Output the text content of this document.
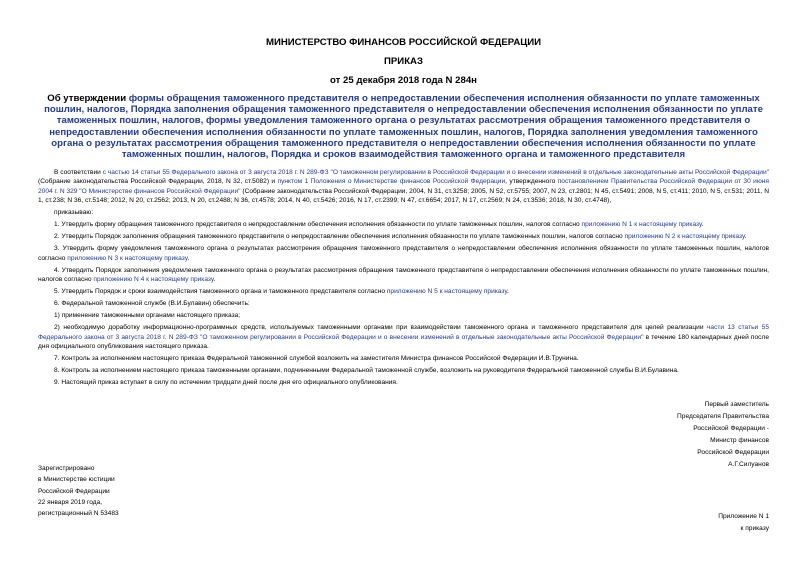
МИНИСТЕРСТВО ФИНАНСОВ РОССИЙСКОЙ ФЕДЕРАЦИИ
ПРИКАЗ
от 25 декабря 2018 года N 284н
Об утверждении формы обращения таможенного представителя о непредоставлении обеспечения исполнения обязанности по уплате таможенных пошлин, налогов, Порядка заполнения обращения таможенного представителя о непредоставлении обеспечения исполнения обязанности по уплате таможенных пошлин, налогов, формы уведомления таможенного органа о результатах рассмотрения обращения таможенного представителя о непредоставлении обеспечения исполнения обязанности по уплате таможенных пошлин, налогов, Порядка заполнения уведомления таможенного органа о результатах рассмотрения обращения таможенного представителя о непредоставлении обеспечения исполнения обязанности по уплате таможенных пошлин, налогов, Порядка и сроков взаимодействия таможенного органа и таможенного представителя

В соответствии с частью 14 статьи 55 Федерального закона от 3 августа 2018 г. N 289-ФЗ "О таможенном регулировании в Российской Федерации и о внесении изменений в отдельные законодательные акты Российской Федерации" (Собрание законодательства Российской Федерации, 2018, N 32, ст.5082) и пунктом 1 Положения о Министерстве финансов Российской Федерации, утвержденного постановлением Правительства Российской Федерации от 30 июня 2004 г. N 329 "О Министерстве финансов Российской Федерации" (Собрание законодательства Российской Федерации, 2004, N 31, ст.3258; 2005, N 52, ст.5755; 2007, N 23, ст.2801; N 45, ст.5491; 2008, N 5, ст.411; 2010, N 5, ст.531; 2011, N 1, ст.238; N 36, ст.5148; 2012, N 20, ст.2562; 2013, N 20, ст.2488; N 36, ст.4578; 2014, N 40, ст.5426; 2016, N 17, ст.2399; N 47, ст.6654; 2017, N 17, ст.2569; N 24, ст.3536; 2018, N 30, ст.4748),

приказываю:

1. Утвердить форму обращения таможенного представителя о непредоставлении обеспечения исполнения обязанности по уплате таможенных пошлин, налогов согласно приложению N 1 к настоящему приказу.

2. Утвердить Порядок заполнения обращения таможенного представителя о непредоставлении обеспечения исполнения обязанности по уплате таможенных пошлин, налогов согласно приложению N 2 к настоящему приказу.

3. Утвердить форму уведомления таможенного органа о результатах рассмотрения обращения таможенного представителя о непредоставлении обеспечения исполнения обязанности по уплате таможенных пошлин, налогов согласно приложению N 3 к настоящему приказу.

4. Утвердить Порядок заполнения уведомления таможенного органа о результатах рассмотрения обращения таможенного представителя о непредоставлении обеспечения исполнения обязанности по уплате таможенных пошлин, налогов согласно приложению N 4 к настоящему приказу.

5. Утвердить Порядок и сроки взаимодействия таможенного органа и таможенного представителя согласно приложению N 5 к настоящему приказу.

6. Федеральной таможенной службе (В.И.Булавин) обеспечить:

1) применение таможенными органами настоящего приказа;

2) необходимую доработку информационно-программных средств, используемых таможенными органами при взаимодействии таможенного органа и таможенного представителя для целей реализации части 13 статьи 55 Федерального закона от 3 августа 2018 г. N 289-ФЗ "О таможенном регулировании в Российской Федерации и о внесении изменений в отдельные законодательные акты Российской Федерации" в течение 180 календарных дней после дня официального опубликования настоящего приказа.

7. Контроль за исполнением настоящего приказа Федеральной таможенной службой возложить на заместителя Министра финансов Российской Федерации И.В.Трунина.

8. Контроль за исполнением настоящего приказа таможенными органами, подчиненными Федеральной таможенной службе, возложить на руководителя Федеральной таможенной службы В.И.Булавина.

9. Настоящий приказ вступает в силу по истечении тридцати дней после дня его официального опубликования.

Первый заместитель
Председателя Правительства
Российской Федерации -
Министр финансов
Российской Федерации
А.Г.Силуанов
Зарегистрировано
в Министерстве юстиции
Российской Федерации
22 января 2019 года,
регистрационный N 53483	Приложение N 1
к приказу
